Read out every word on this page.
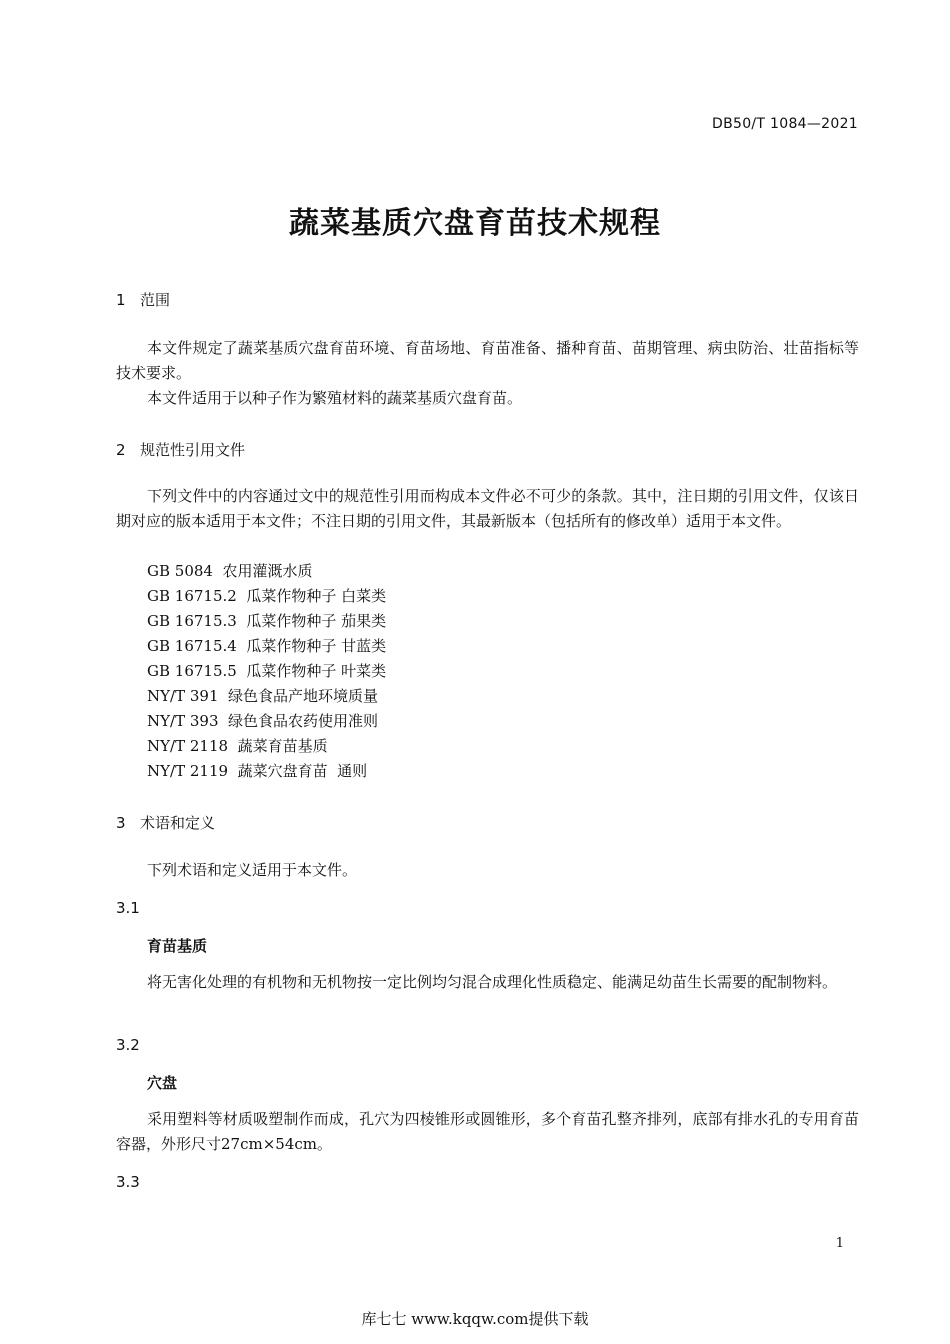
DB50/T 1084—2021
蔬菜基质穴盘育苗技术规程
1 范围
本文件规定了蔬菜基质穴盘育苗环境、育苗场地、育苗准备、播种育苗、苗期管理、病虫防治、壮苗指标等技术要求。
本文件适用于以种子作为繁殖材料的蔬菜基质穴盘育苗。
2 规范性引用文件
下列文件中的内容通过文中的规范性引用而构成本文件必不可少的条款。其中，注日期的引用文件，仅该日期对应的版本适用于本文件；不注日期的引用文件，其最新版本（包括所有的修改单）适用于本文件。
GB 5084  农用灌溉水质
GB 16715.2  瓜菜作物种子 白菜类
GB 16715.3  瓜菜作物种子 茄果类
GB 16715.4  瓜菜作物种子 甘蓝类
GB 16715.5  瓜菜作物种子 叶菜类
NY/T 391  绿色食品产地环境质量
NY/T 393  绿色食品农药使用准则
NY/T 2118  蔬菜育苗基质
NY/T 2119  蔬菜穴盘育苗  通则
3 术语和定义
下列术语和定义适用于本文件。
3.1
育苗基质
将无害化处理的有机物和无机物按一定比例均匀混合成理化性质稳定、能满足幼苗生长需要的配制物料。
3.2
穴盘
采用塑料等材质吸塑制作而成，孔穴为四棱锥形或圆锥形，多个育苗孔整齐排列，底部有排水孔的专用育苗容器，外形尺寸27cm×54cm。
3.3
1
库七七 www.kqqw.com提供下载
